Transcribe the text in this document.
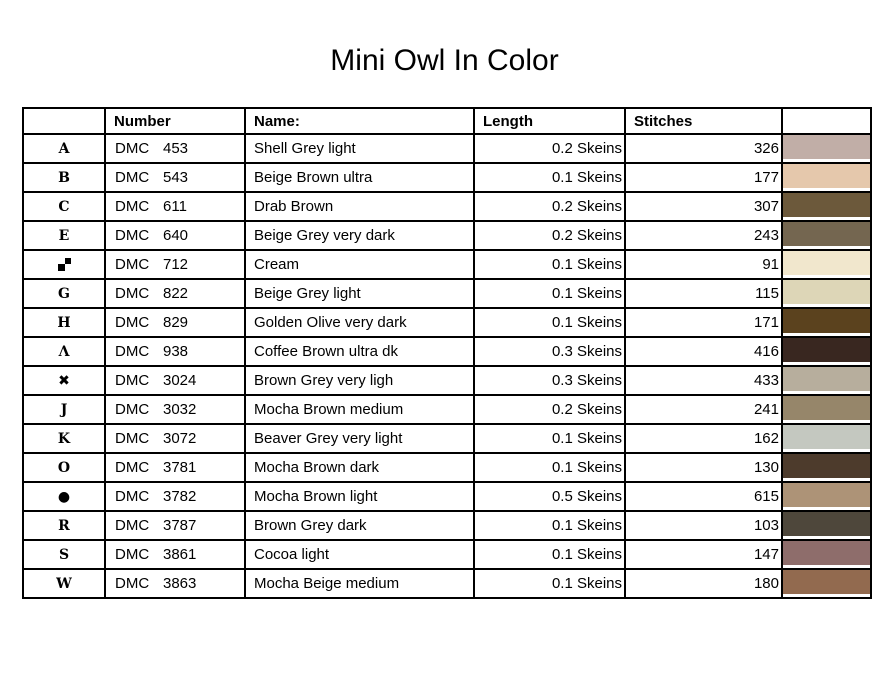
Mini Owl In Color
	Number	Name:	Length	Stitches	
A	DMC 453	Shell Grey light	0.2 Skeins	326	

B	DMC 543	Beige Brown ultra	0.1 Skeins	177	

C	DMC 611	Drab Brown	0.2 Skeins	307	

E	DMC 640	Beige Grey very dark	0.2 Skeins	243	

	DMC 712	Cream	0.1 Skeins	91	

G	DMC 822	Beige Grey light	0.1 Skeins	115	

H	DMC 829	Golden Olive very dark	0.1 Skeins	171	

Λ	DMC 938	Coffee Brown ultra dk	0.3 Skeins	416	

✖	DMC 3024	Brown Grey very ligh	0.3 Skeins	433	

J	DMC 3032	Mocha Brown medium	0.2 Skeins	241	

K	DMC 3072	Beaver Grey very light	0.1 Skeins	162	

O	DMC 3781	Mocha Brown dark	0.1 Skeins	130	

●	DMC 3782	Mocha Brown light	0.5 Skeins	615	

R	DMC 3787	Brown Grey dark	0.1 Skeins	103	

S	DMC 3861	Cocoa light	0.1 Skeins	147	

W	DMC 3863	Mocha Beige medium	0.1 Skeins	180	
